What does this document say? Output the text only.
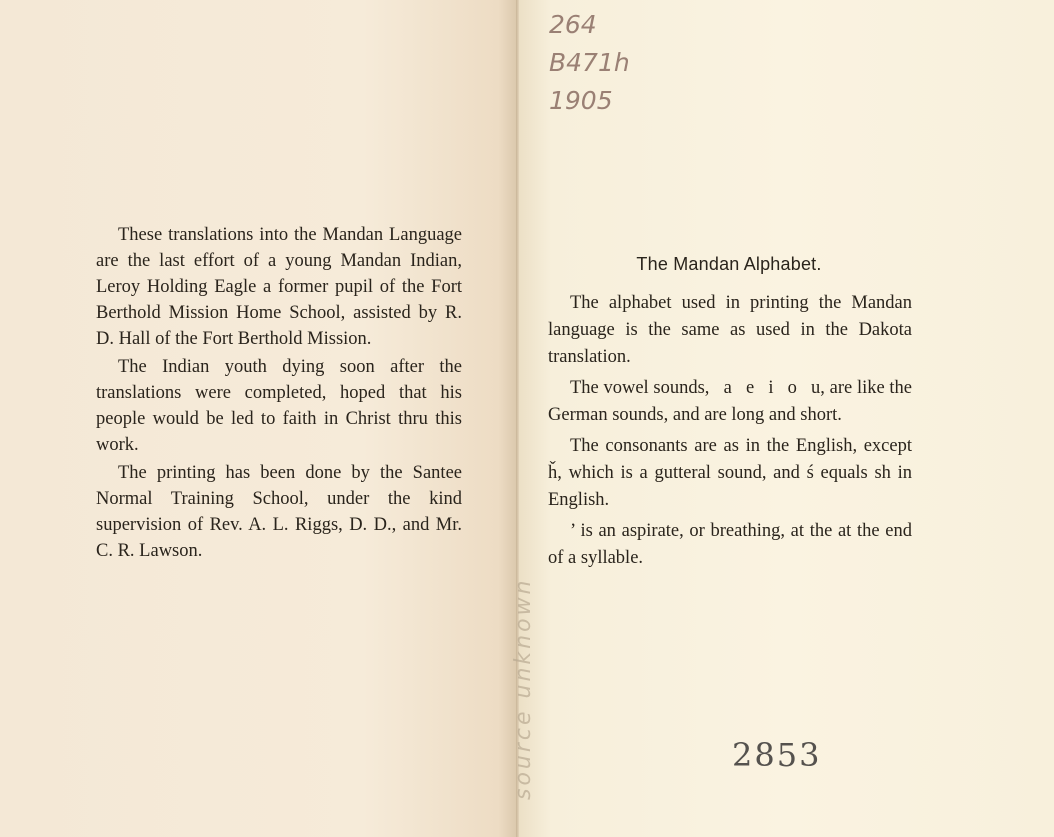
These translations into the Mandan Language are the last effort of a young Mandan Indian, Leroy Holding Eagle a former pupil of the Fort Berthold Mission Home School, assisted by R. D. Hall of the Fort Berthold Mission.

The Indian youth dying soon after the translations were completed, hoped that his people would be led to faith in Christ thru this work.

The printing has been done by the Santee Normal Training School, under the kind supervision of Rev. A. L. Riggs, D. D., and Mr. C. R. Lawson.

264
B471h
1905
source unknown
The Mandan Alphabet.

The alphabet used in printing the Mandan language is the same as used in the Dakota translation.

The vowel sounds,   a   e   i   o   u, are like the German sounds, and are long and short.

The consonants are as in the English, except ȟ, which is a gutteral sound, and ś equals sh in English.

’ is an aspirate, or breathing, at the at the end of a syllable.

2853
